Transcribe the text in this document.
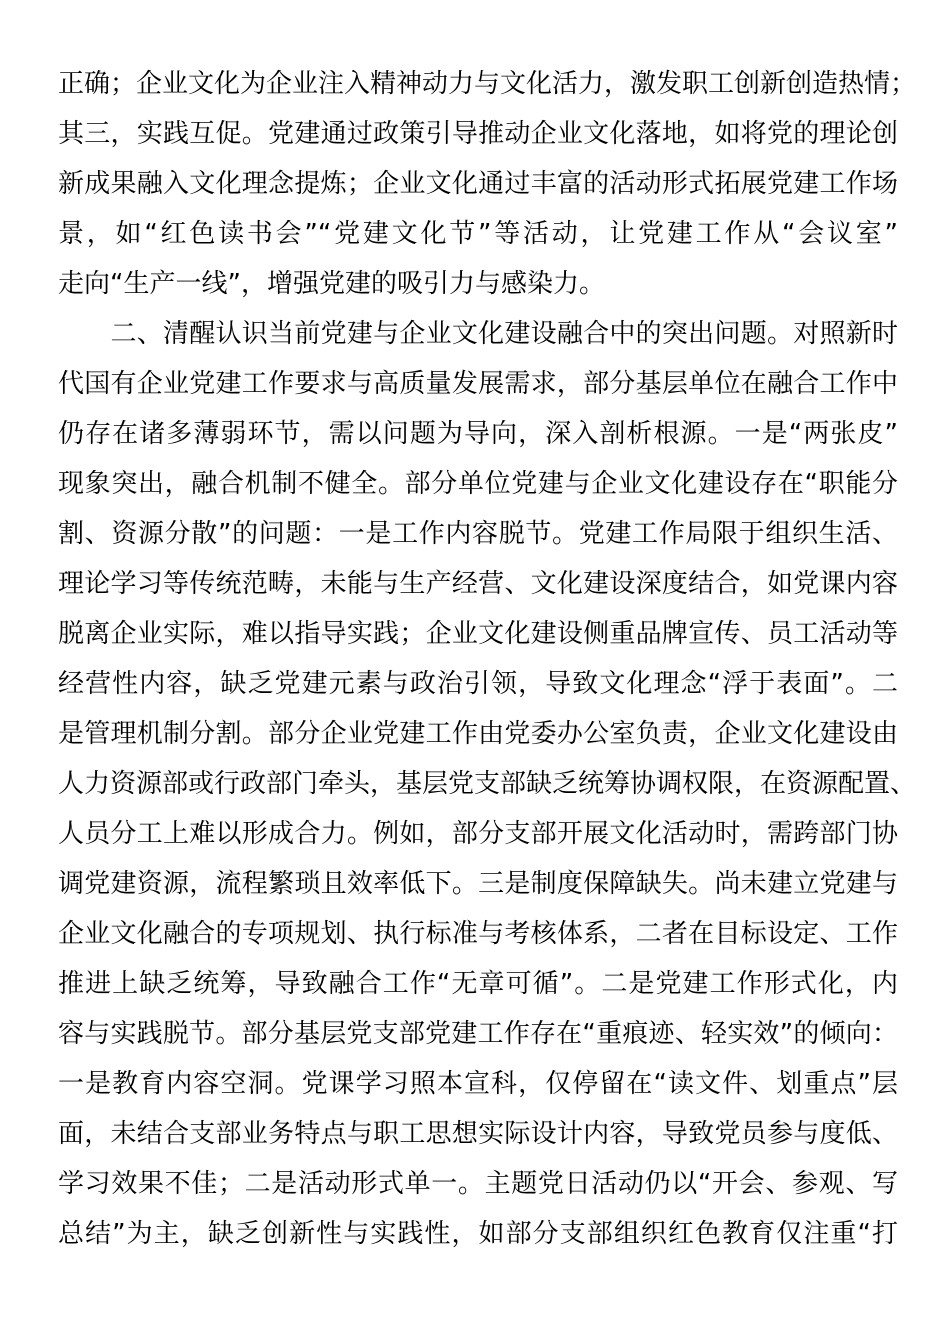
正确；企业文化为企业注入精神动力与文化活力，激发职工创新创造热情；
其三，实践互促。党建通过政策引导推动企业文化落地，如将党的理论创
新成果融入文化理念提炼；企业文化通过丰富的活动形式拓展党建工作场
景，如“红色读书会”“党建文化节”等活动，让党建工作从“会议室”
走向“生产一线”，增强党建的吸引力与感染力。
　　二、清醒认识当前党建与企业文化建设融合中的突出问题。对照新时
代国有企业党建工作要求与高质量发展需求，部分基层单位在融合工作中
仍存在诸多薄弱环节，需以问题为导向，深入剖析根源。一是“两张皮”
现象突出，融合机制不健全。部分单位党建与企业文化建设存在“职能分
割、资源分散”的问题：一是工作内容脱节。党建工作局限于组织生活、
理论学习等传统范畴，未能与生产经营、文化建设深度结合，如党课内容
脱离企业实际，难以指导实践；企业文化建设侧重品牌宣传、员工活动等
经营性内容，缺乏党建元素与政治引领，导致文化理念“浮于表面”。二
是管理机制分割。部分企业党建工作由党委办公室负责，企业文化建设由
人力资源部或行政部门牵头，基层党支部缺乏统筹协调权限，在资源配置、
人员分工上难以形成合力。例如，部分支部开展文化活动时，需跨部门协
调党建资源，流程繁琐且效率低下。三是制度保障缺失。尚未建立党建与
企业文化融合的专项规划、执行标准与考核体系，二者在目标设定、工作
推进上缺乏统筹，导致融合工作“无章可循”。二是党建工作形式化，内
容与实践脱节。部分基层党支部党建工作存在“重痕迹、轻实效”的倾向：
一是教育内容空洞。党课学习照本宣科，仅停留在“读文件、划重点”层
面，未结合支部业务特点与职工思想实际设计内容，导致党员参与度低、
学习效果不佳；二是活动形式单一。主题党日活动仍以“开会、参观、写
总结”为主，缺乏创新性与实践性，如部分支部组织红色教育仅注重“打
